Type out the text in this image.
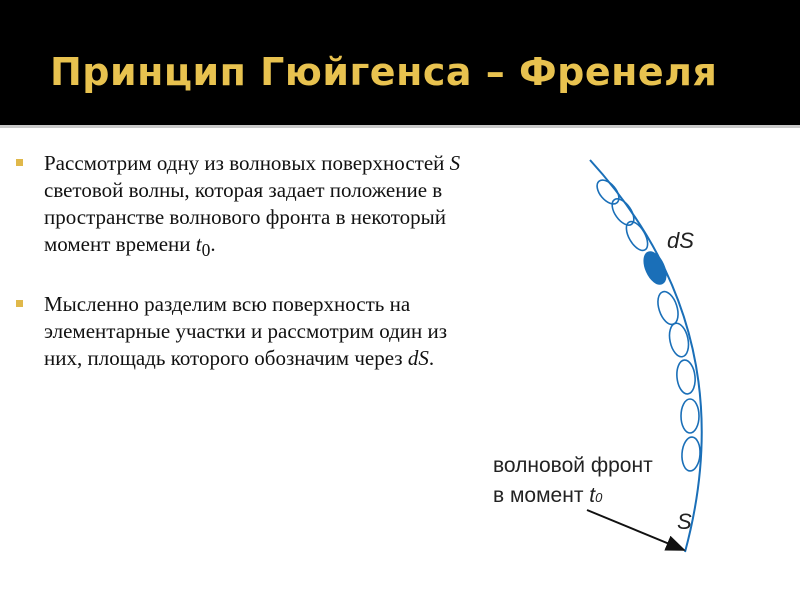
Принцип Гюйгенса – Френеля

Рассмотрим одну из волновых поверхностей S световой волны, которая задает положение в пространстве волнового фронта в некоторый момент времени $t_0$.

Мысленно разделим всю поверхность на элементарные участки и рассмотрим один из них, площадь которого обозначим через dS.

dS
волновой фронт
в момент t0
S
